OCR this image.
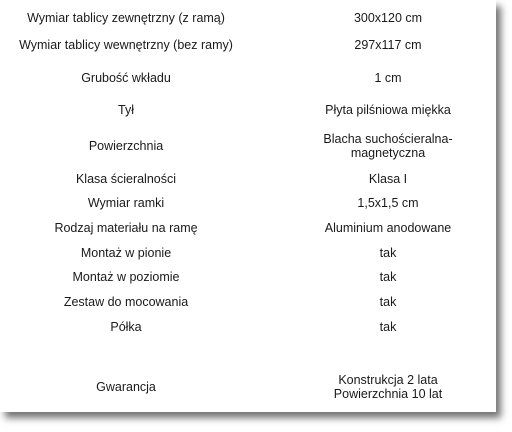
Wymiar tablicy zewnętrzny (z ramą)	300x120 cm
Wymiar tablicy wewnętrzny (bez ramy)	297x117 cm
Grubość wkładu	1 cm
Tył	Płyta pilśniowa miękka
Powierzchnia	Blacha suchościeralna-
magnetyczna
Klasa ścieralności	Klasa I
Wymiar ramki	1,5x1,5 cm
Rodzaj materiału na ramę	Aluminium anodowane
Montaż w pionie	tak
Montaż w poziomie	tak
Zestaw do mocowania	tak
Półka	tak
Gwarancja	Konstrukcja 2 lata
Powierzchnia 10 lat
